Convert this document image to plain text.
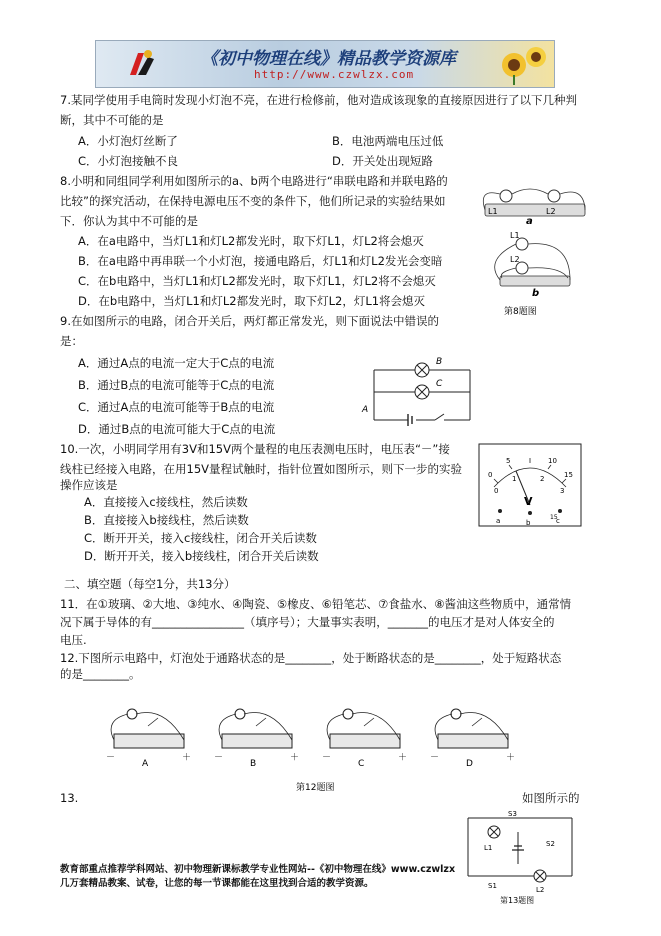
《初中物理在线》精品教学资源库
http://www.czwlzx.com
7.某同学使用手电筒时发现小灯泡不亮，在进行检修前，他对造成该现象的直接原因进行了以下几种判
断，其中不可能的是
A．小灯泡灯丝断了	B．电池两端电压过低
C．小灯泡接触不良	D．开关处出现短路
8.小明和同组同学利用如图所示的a、b两个电路进行“串联电路和并联电路的
比较”的探究活动，在保持电源电压不变的条件下，他们所记录的实验结果如
下．你认为其中不可能的是
A．在a电路中，当灯L1和灯L2都发光时，取下灯L1，灯L2将会熄灭
B．在a电路中再串联一个小灯泡，接通电路后，灯L1和灯L2发光会变暗
C．在b电路中，当灯L1和灯L2都发光时，取下灯L1，灯L2将不会熄灭
D．在b电路中，当灯L1和灯L2都发光时，取下灯L2，灯L1将会熄灭
L1	L2
a
L1
L2
b
第8题图
9.在如图所示的电路，闭合开关后，两灯都正常发光，则下面说法中错误的
是：
A．通过A点的电流一定大于C点的电流
B．通过B点的电流可能等于C点的电流
C．通过A点的电流可能等于B点的电流
D．通过B点的电流可能大于C点的电流
A
B
C
10.一次，小明同学用有3V和15V两个量程的电压表测电压时，电压表“－”接
线柱已经接入电路，在用15V量程试触时，指针位置如图所示，则下一步的实验
操作应该是
A．直接接入c接线柱，然后读数
B．直接接入b接线柱，然后读数
C．断开开关，接入c接线柱，闭合开关后读数
D．断开开关，接入b接线柱，闭合开关后读数
0
5	10
15
0
1	2
3
V
a	b	c
15
二、填空题（每空1分，共13分）
11．在①玻璃、②大地、③纯水、④陶瓷、⑤橡皮、⑥铅笔芯、⑦食盐水、⑧酱油这些物质中，通常情
况下属于导体的有________________（填序号）；大量事实表明，_______的电压才是对人体安全的
电压.
12.下图所示电路中，灯泡处于通路状态的是________，处于断路状态的是________，处于短路状态
的是________。
－	＋	－	＋	－	＋	－	＋
A	B	C	D
第12题图
13.	如图所示的
S3
L1	S2
S1	L2
第13题图
教育部重点推荐学科网站、初中物理新课标教学专业性网站--《初中物理在线》www.czwlzx
几万套精品教案、试卷，让您的每一节课都能在这里找到合适的教学资源。
